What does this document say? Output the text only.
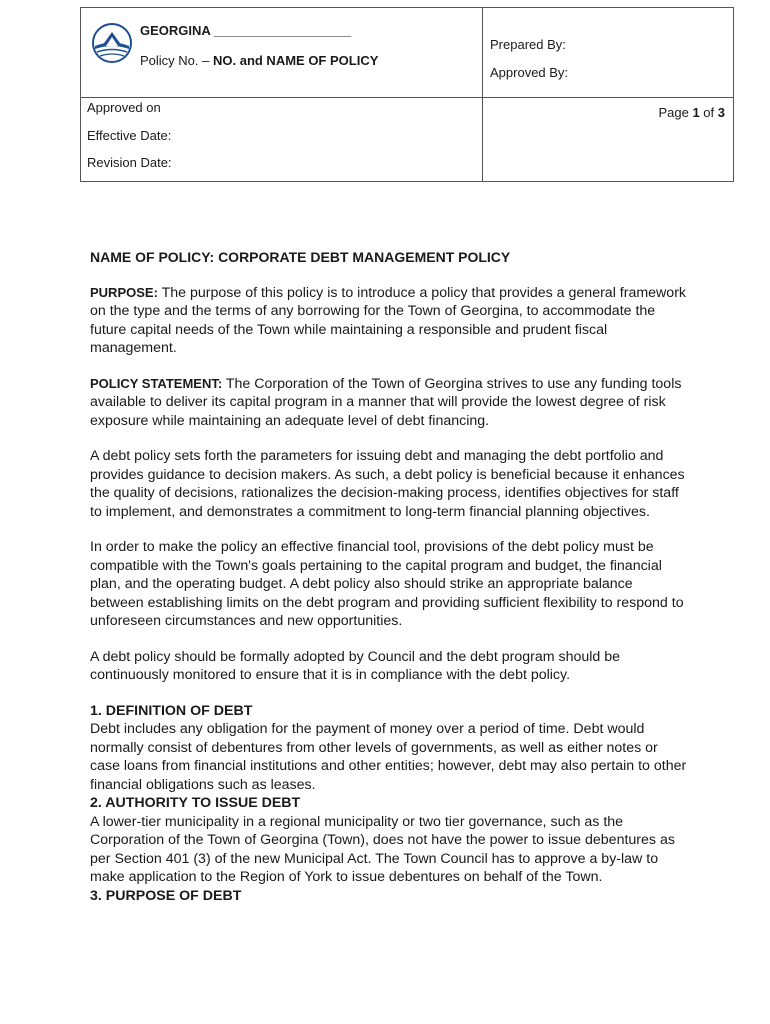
GEORGINA ___________________
Policy No. – NO. and NAME OF POLICY
Prepared By:
Approved By:
Approved on
Effective Date:
Revision Date:
Page 1 of 3
NAME OF POLICY: CORPORATE DEBT MANAGEMENT POLICY

PURPOSE: The purpose of this policy is to introduce a policy that provides a general framework on the type and the terms of any borrowing for the Town of Georgina, to accommodate the future capital needs of the Town while maintaining a responsible and prudent fiscal management.

POLICY STATEMENT: The Corporation of the Town of Georgina strives to use any funding tools available to deliver its capital program in a manner that will provide the lowest degree of risk exposure while maintaining an adequate level of debt financing.

A debt policy sets forth the parameters for issuing debt and managing the debt portfolio and provides guidance to decision makers. As such, a debt policy is beneficial because it enhances the quality of decisions, rationalizes the decision-making process, identifies objectives for staff to implement, and demonstrates a commitment to long-term financial planning objectives.

In order to make the policy an effective financial tool, provisions of the debt policy must be compatible with the Town's goals pertaining to the capital program and budget, the financial plan, and the operating budget. A debt policy also should strike an appropriate balance between establishing limits on the debt program and providing sufficient flexibility to respond to unforeseen circumstances and new opportunities.

A debt policy should be formally adopted by Council and the debt program should be continuously monitored to ensure that it is in compliance with the debt policy.

1. DEFINITION OF DEBT

Debt includes any obligation for the payment of money over a period of time. Debt would normally consist of debentures from other levels of governments, as well as either notes or case loans from financial institutions and other entities; however, debt may also pertain to other financial obligations such as leases.

2. AUTHORITY TO ISSUE DEBT

A lower-tier municipality in a regional municipality or two tier governance, such as the Corporation of the Town of Georgina (Town), does not have the power to issue debentures as per Section 401 (3) of the new Municipal Act. The Town Council has to approve a by-law to make application to the Region of York to issue debentures on behalf of the Town.

3. PURPOSE OF DEBT
